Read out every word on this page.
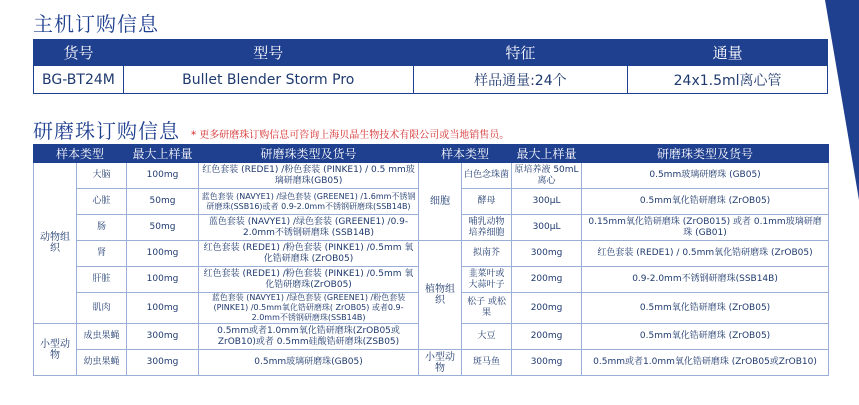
主机订购信息
货号	型号	特征	通量
BG-BT24M	Bullet Blender Storm Pro	样品通量:24个	24x1.5ml离心管
研磨珠订购信息 * 更多研磨珠订购信息可咨询上海贝晶生物技术有限公司或当地销售员。
样本类型		最大上样量	研磨珠类型及货号	样本类型		最大上样量	研磨珠类型及货号
动物组织	大脑	100mg	红色套装 (REDE1) /粉色套装 (PINKE1) / 0.5 mm玻璃研磨珠(GB05)	细胞	白色念珠菌	原培养液 50mL离心	0.5mm玻璃研磨珠 (GB05)
	心脏	50mg	蓝色套装 (NAVYE1) /绿色套装 (GREENE1) /1.6mm不锈钢研磨珠(SSB16)或者 0.9-2.0mm不锈钢研磨珠(SSB14B)		酵母	300μL	0.5mm氧化锆研磨珠 (ZrOB05)
	肠	50mg	蓝色套装 (NAVYE1) /绿色套装 (GREENE1) /0.9-2.0mm不锈钢研磨珠 (SSB14B)		哺乳动物 培养细胞	300μL	0.15mm氧化锆研磨珠 (ZrOB015) 或者 0.1mm玻璃研磨珠 (GB01)
	肾	100mg	红色套装 (REDE1) /粉色套装 (PINKE1) /0.5mm 氧化锆研磨珠 (ZrOB05)	植物组织	拟南芥	300mg	红色套装 (REDE1) / 0.5mm氧化锆研磨珠 (ZrOB05)
	肝脏	100mg	红色套装 (REDE1) /粉色套装 (PINKE1) /0.5mm 氧化锆研磨珠(ZrOB05)		韭菜叶或 大蒜叶子	200mg	0.9-2.0mm不锈钢研磨珠(SSB14B)
	肌肉	100mg	蓝色套装 (NAVYE1) /绿色套装 (GREENE1) /粉色套装 (PINKE1) /0.5mm氧化锆研磨珠( ZrOB05) 或者0.9-2.0mm不锈钢研磨珠(SSB14B)		松子 或松果	200mg	0.5mm氧化锆研磨珠 (ZrOB05)
小型动物	成虫果蝇	300mg	0.5mm或者1.0mm氧化锆研磨珠(ZrOB05或 ZrOB10)或者 0.5mm硅酸锆研磨珠(ZSB05)		大豆	200mg	0.5mm氧化锆研磨珠 (ZrOB05)
	幼虫果蝇	300mg	0.5mm玻璃研磨珠(GB05)	小型动物	斑马鱼	300mg	0.5mm或者1.0mm氧化锆研磨珠 (ZrOB05或ZrOB10)
